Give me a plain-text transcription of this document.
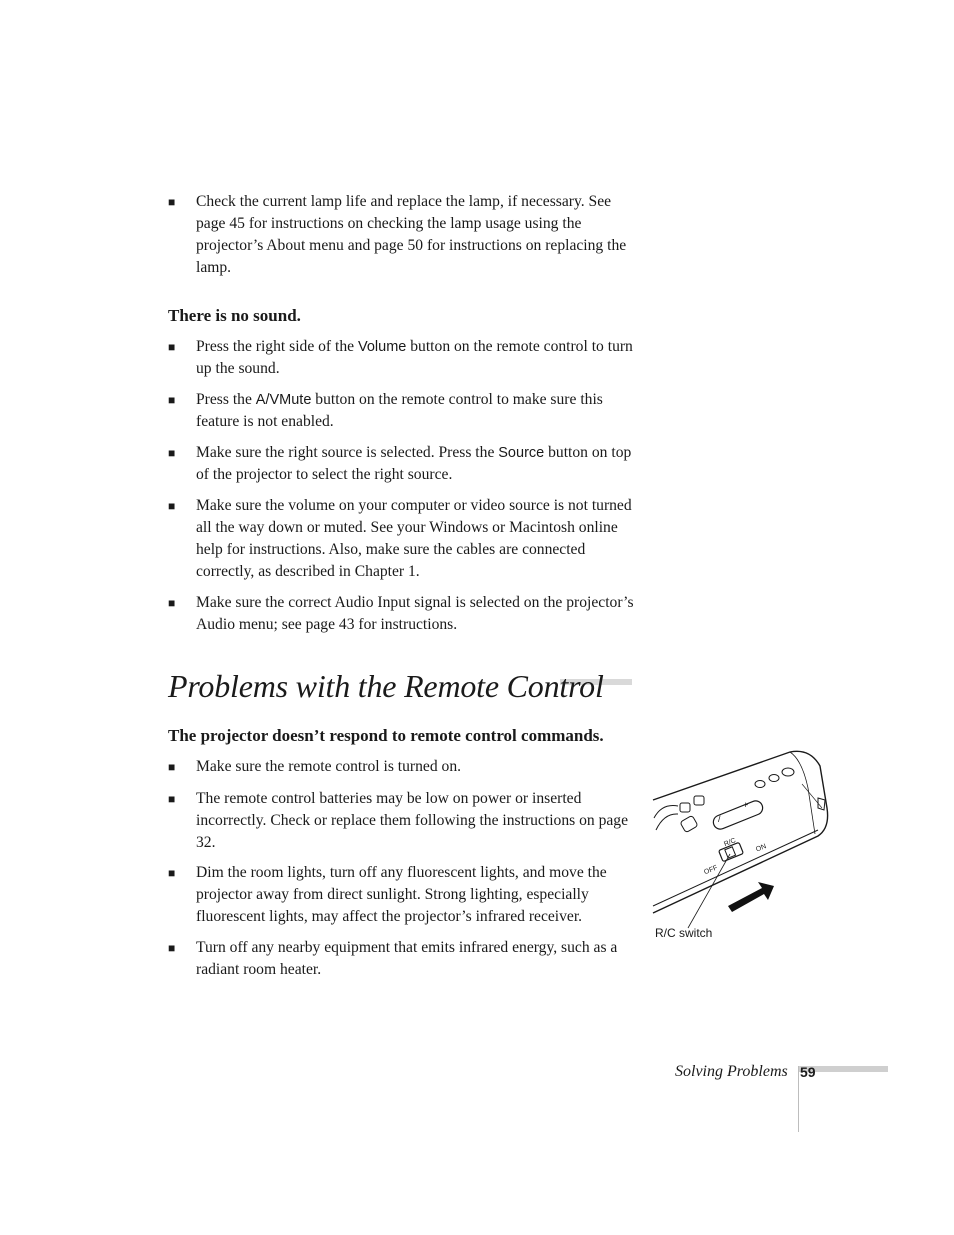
■ Check the current lamp life and replace the lamp, if necessary. See page 45 for instructions on checking the lamp usage using the projector’s About menu and page 50 for instructions on replacing the lamp.
There is no sound.
■ Press the right side of the Volume button on the remote control to turn up the sound.
■ Press the A/VMute button on the remote control to make sure this feature is not enabled.
■ Make sure the right source is selected. Press the Source button on top of the projector to select the right source.
■ Make sure the volume on your computer or video source is not turned all the way down or muted. See your Windows or Macintosh online help for instructions. Also, make sure the cables are connected correctly, as described in Chapter 1.
■ Make sure the correct Audio Input signal is selected on the projector’s Audio menu; see page 43 for instructions.
Problems with the Remote Control
The projector doesn’t respond to remote control commands.
■ Make sure the remote control is turned on.
■ The remote control batteries may be low on power or inserted incorrectly. Check or replace them following the instructions on page 32.
■ Dim the room lights, turn off any fluorescent lights, and move the projector away from direct sunlight. Strong lighting, especially fluorescent lights, may affect the projector’s infrared receiver.
■ Turn off any nearby equipment that emits infrared energy, such as a radiant room heater.
+
/
R/C
ON
OFF
R/C switch
Solving Problems 59
